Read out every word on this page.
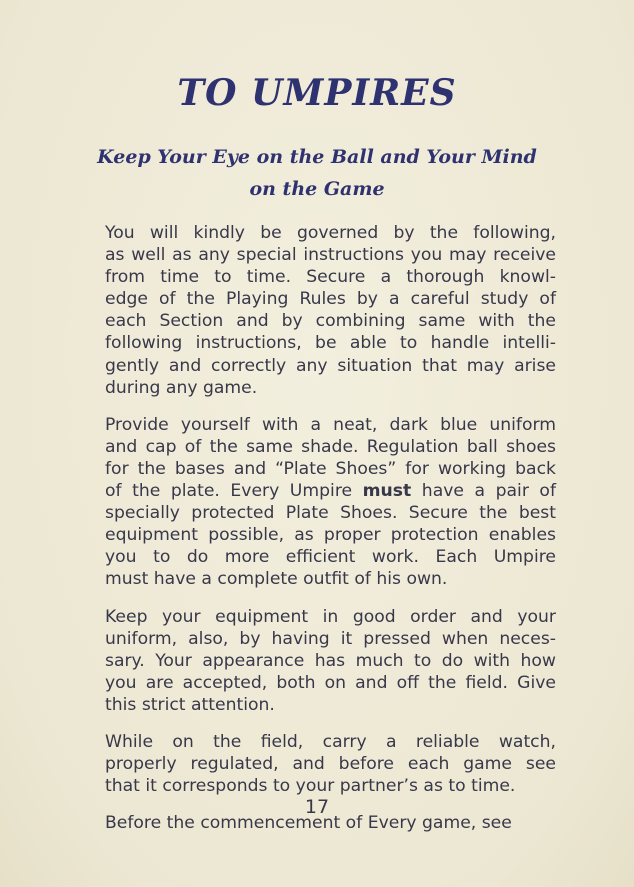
TO UMPIRES
Keep Your Eye on the Ball and Your Mind
on the Game

You will kindly be governed by the following,
as well as any special instructions you may receive
from time to time. Secure a thorough knowl-
edge of the Playing Rules by a careful study of
each Section and by combining same with the
following instructions, be able to handle intelli-
gently and correctly any situation that may arise
during any game.

Provide yourself with a neat, dark blue uniform
and cap of the same shade. Regulation ball shoes
for the bases and “Plate Shoes” for working back
of the plate. Every Umpire must have a pair of
specially protected Plate Shoes. Secure the best
equipment possible, as proper protection enables
you to do more efficient work. Each Umpire
must have a complete outfit of his own.

Keep your equipment in good order and your
uniform, also, by having it pressed when neces-
sary. Your appearance has much to do with how
you are accepted, both on and off the field. Give
this strict attention.

While on the field, carry a reliable watch,
properly regulated, and before each game see
that it corresponds to your partner’s as to time.

Before the commencement of Every game, see

17
